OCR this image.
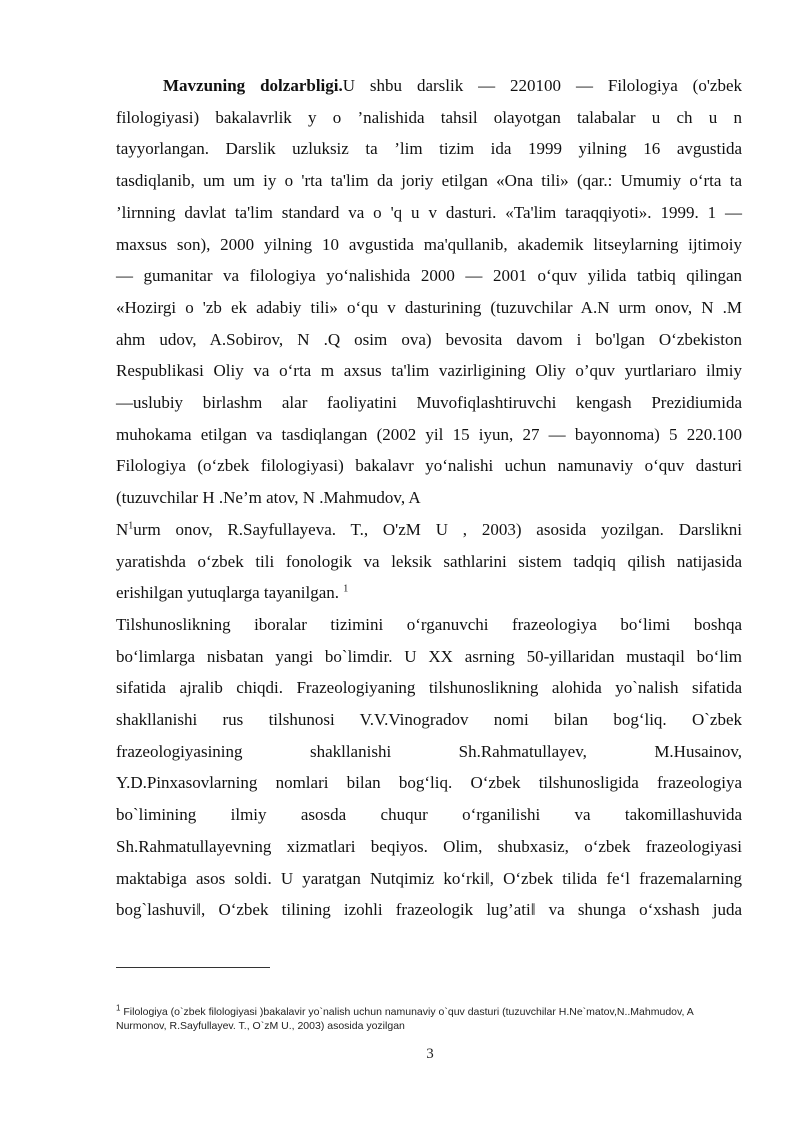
Mavzuning dolzarbligi.U shbu darslik — 220100 — Filologiya (o'zbek
filologiyasi) bakalavrlik y o ’nalishida tahsil olayotgan talabalar u ch u n
tayyorlangan. Darslik uzluksiz ta ’lim tizim ida 1999 yilning 16 avgustida
tasdiqlanib, um um iy o 'rta ta'lim da joriy etilgan «Ona tili» (qar.: Umumiy o‘rta ta
’lirnning davlat ta'lim standard va o 'q u v dasturi. «Ta'lim taraqqiyoti». 1999. 1 —
maxsus son), 2000 yilning 10 avgustida ma'qullanib, akademik litseylarning ijtimoiy
— gumanitar va filologiya yo‘nalishida 2000 — 2001 o‘quv yilida tatbiq qilingan
«Hozirgi o 'zb ek adabiy tili» o‘qu v dasturining (tuzuvchilar A.N urm onov, N .M
ahm udov, A.Sobirov, N .Q osim ova) bevosita davom i bo'lgan O‘zbekiston
Respublikasi Oliy va o‘rta m axsus ta'lim vazirligining Oliy o’quv yurtlariaro ilmiy
—uslubiy birlashm alar faoliyatini Muvofiqlashtiruvchi kengash Prezidiumida
muhokama etilgan va tasdiqlangan (2002 yil 15 iyun, 27 — bayonnoma) 5 220.100
Filologiya (o‘zbek filologiyasi) bakalavr yo‘nalishi uchun namunaviy o‘quv dasturi
(tuzuvchilar H .Ne’m atov, N .Mahmudov, A

$N^1urm$ onov, R.Sayfullayeva. T., O'zM U , 2003) asosida yozilgan. Darslikni
yaratishda o‘zbek tili fonologik va leksik sathlarini sistem tadqiq qilish natijasida
erishilgan yutuqlarga tayanilgan. $^1$

Tilshunoslikning iboralar tizimini o‘rganuvchi frazeologiya bo‘limi boshqa
bo‘limlarga nisbatan yangi bo`limdir. U XX asrning 50-yillaridan mustaqil bo‘lim
sifatida ajralib chiqdi. Frazeologiyaning tilshunoslikning alohida yo`nalish sifatida
shakllanishi rus tilshunosi V.V.Vinogradov nomi bilan bog‘liq. O`zbek
frazeologiyasining shakllanishi Sh.Rahmatullayev, M.Husainov,
Y.D.Pinxasovlarning nomlari bilan bog‘liq. O‘zbek tilshunosligida frazeologiya
bo`limining ilmiy asosda chuqur o‘rganilishi va takomillashuvida
Sh.Rahmatullayevning xizmatlari beqiyos. Olim, shubxasiz, o‘zbek frazeologiyasi
maktabiga asos soldi. U yaratgan Nutqimiz ko‘rki‖, O‘zbek tilida fe‘l frazemalarning
bog`lashuvi‖, O‘zbek tilining izohli frazeologik lug’ati‖ va shunga o‘xshash juda

$^1$ Filologiya (o`zbek filologiyasi )bakalavir yo`nalish uchun namunaviy o`quv dasturi (tuzuvchilar H.Ne`matov,N..Mahmudov, A Nurmonov, R.Sayfullayev. T., O`zM U., 2003) asosida yozilgan
3
